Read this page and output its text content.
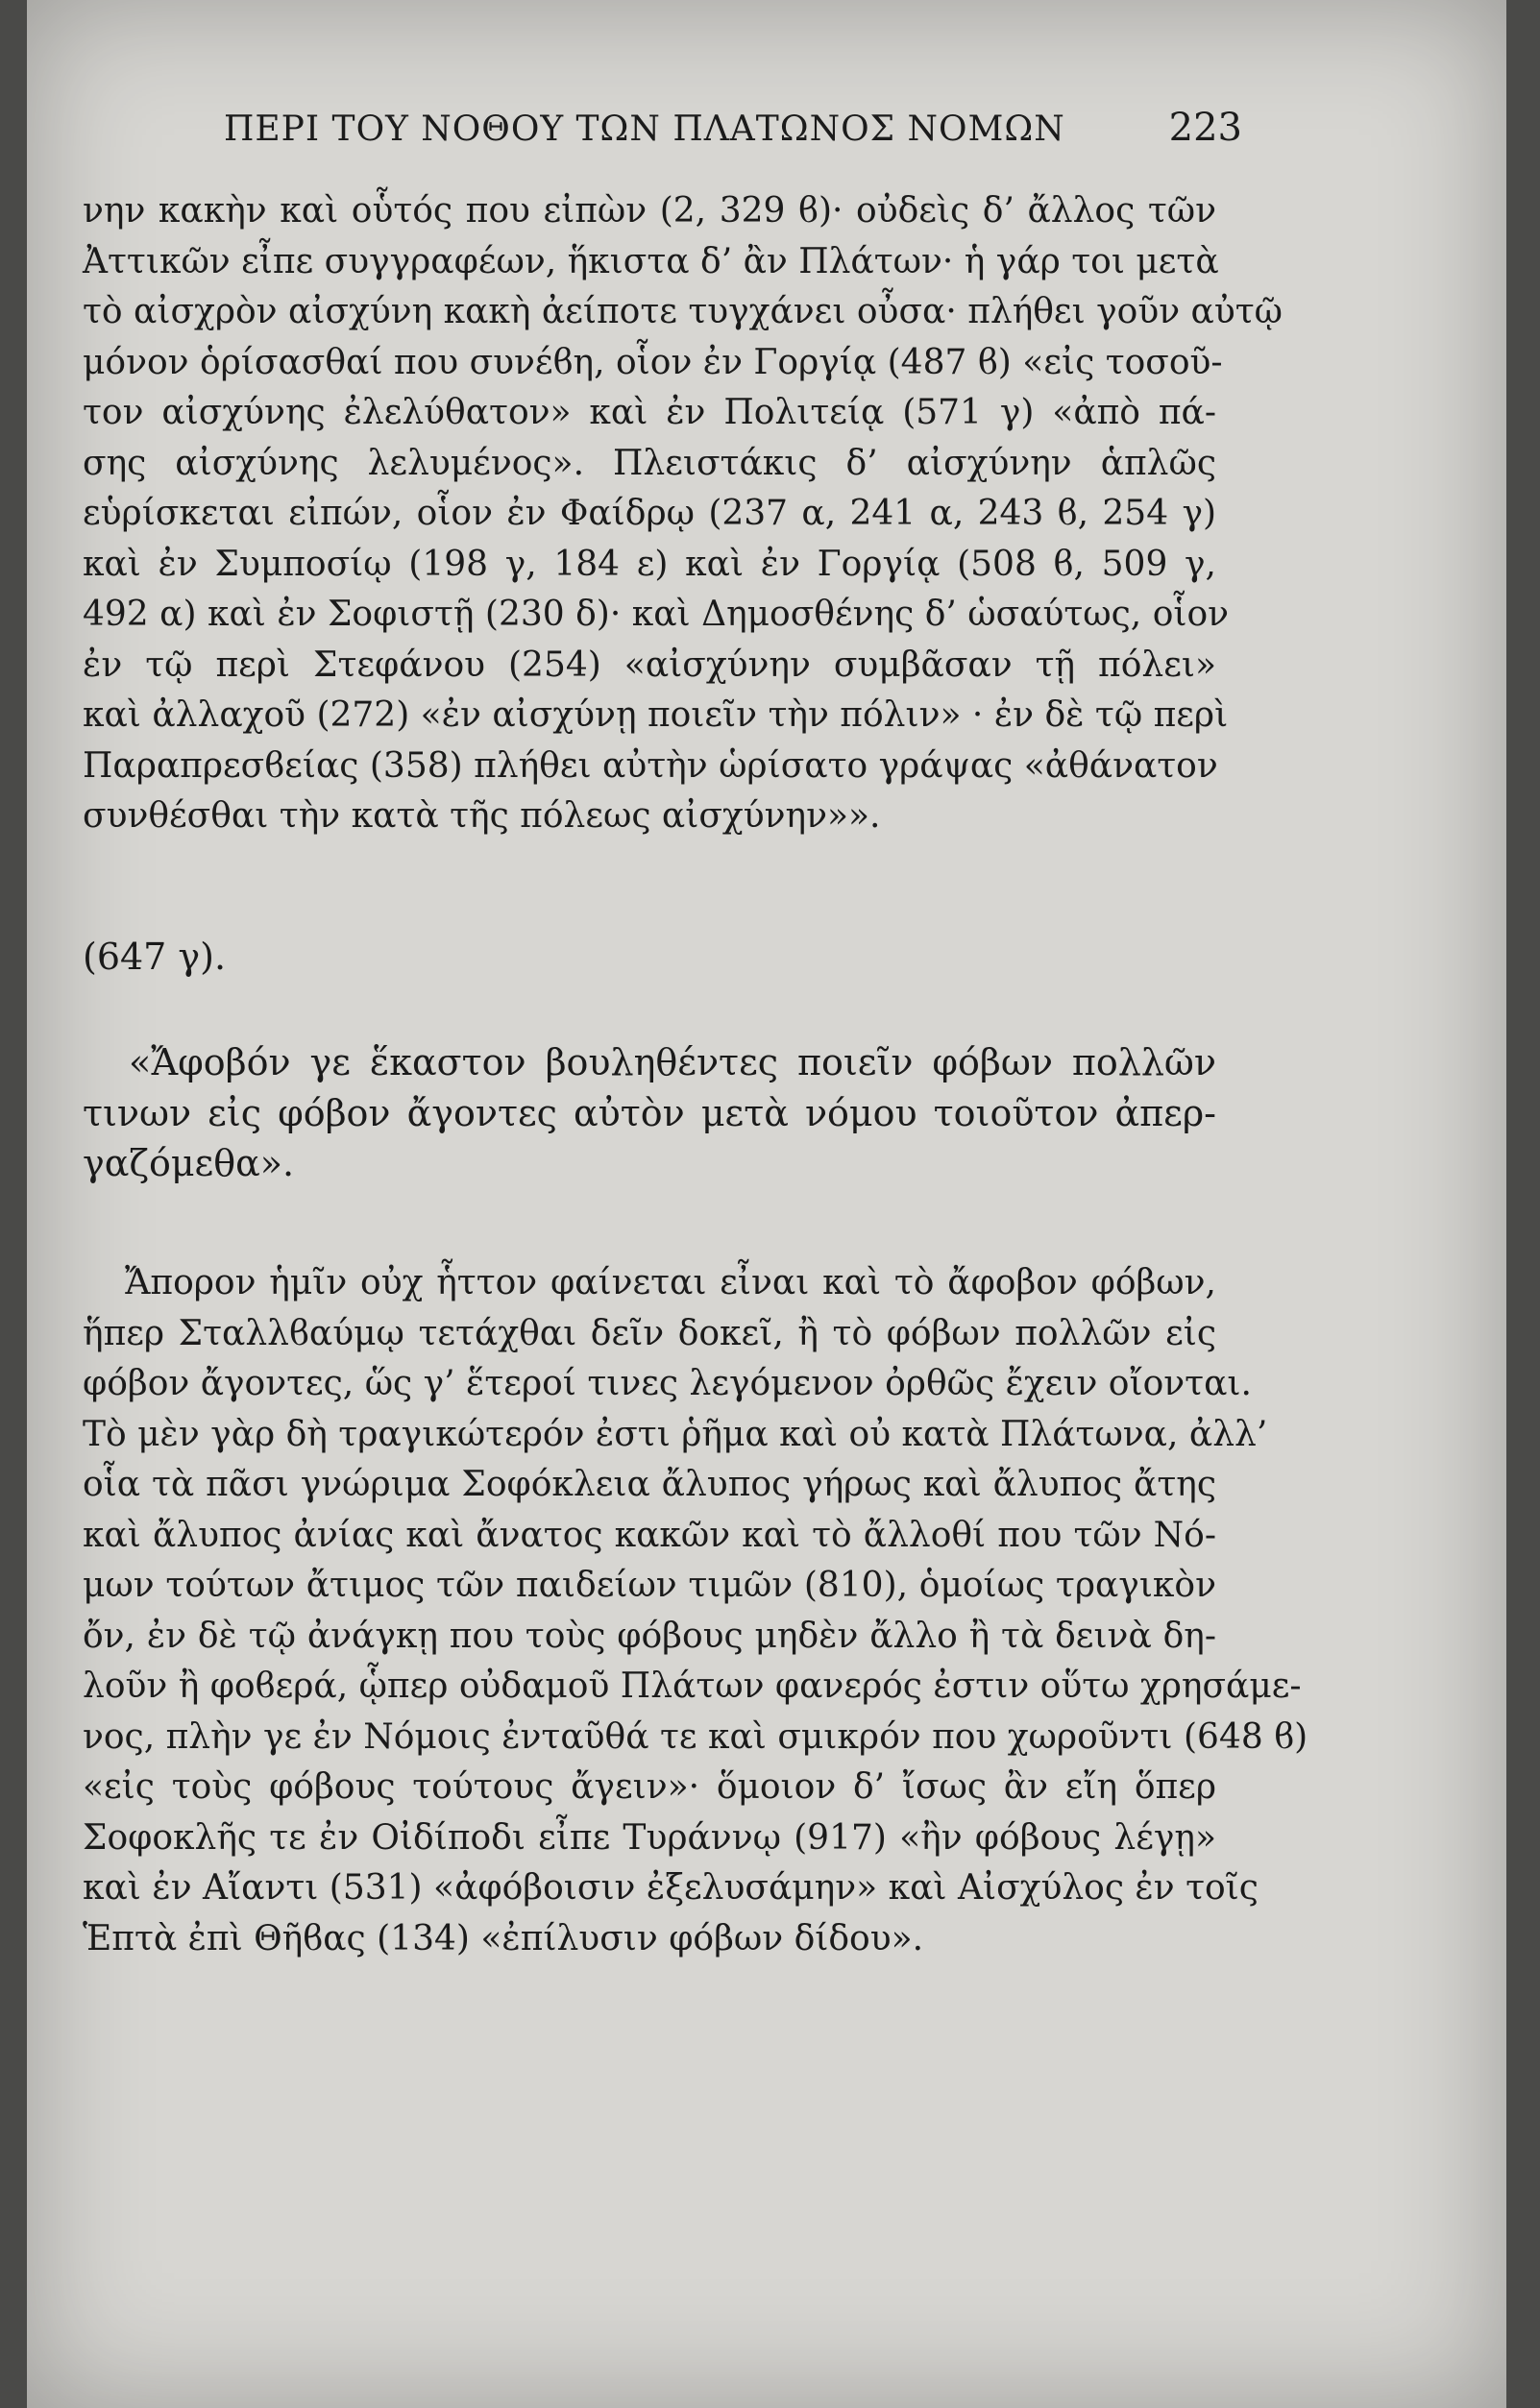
ΠΕΡΙ ΤΟΥ ΝΟΘΟΥ ΤΩΝ ΠΛΑΤΩΝΟΣ ΝΟΜΩΝ	223

νην κακὴν καὶ οὗτός που εἰπὼν (2, 329 ϐ)· οὐδεὶς δ’ ἄλλος τῶν
Ἀττικῶν εἶπε συγγραφέων, ἥκιστα δ’ ἂν Πλάτων· ἡ γάρ τοι μετὰ
τὸ αἰσχρὸν αἰσχύνη κακὴ ἀείποτε τυγχάνει οὖσα· πλήθει γοῦν αὐτῷ
μόνον ὁρίσασθαί που συνέϐη, οἷον ἐν Γοργίᾳ (487 ϐ) «εἰς τοσοῦ-
τον αἰσχύνης ἐλελύθατον» καὶ ἐν Πολιτείᾳ (571 γ) «ἀπὸ πά-
σης αἰσχύνης λελυμένος». Πλειστάκις δ’ αἰσχύνην ἁπλῶς
εὑρίσκεται εἰπών, οἷον ἐν Φαίδρῳ (237 α, 241 α, 243 ϐ, 254 γ)
καὶ ἐν Συμποσίῳ (198 γ, 184 ε) καὶ ἐν Γοργίᾳ (508 ϐ, 509 γ,
492 α) καὶ ἐν Σοφιστῇ (230 δ)· καὶ Δημοσθένης δ’ ὡσαύτως, οἷον
ἐν τῷ περὶ Στεφάνου (254) «αἰσχύνην συμβᾶσαν τῇ πόλει»
καὶ ἀλλαχοῦ (272) «ἐν αἰσχύνῃ ποιεῖν τὴν πόλιν» · ἐν δὲ τῷ περὶ
Παραπρεσϐείας (358) πλήθει αὐτὴν ὡρίσατο γράψας «ἀθάνατον
συνθέσθαι τὴν κατὰ τῆς πόλεως αἰσχύνην»».

(647 γ).

«Ἄφοβόν γε ἕκαστον βουληθέντες ποιεῖν φόβων πολλῶν
τινων εἰς φόβον ἄγοντες αὐτὸν μετὰ νόμου τοιοῦτον ἀπερ-
γαζόμεθα».

Ἄπορον ἡμῖν οὐχ ἧττον φαίνεται εἶναι καὶ τὸ ἄφοβον φόβων,
ἥπερ Σταλλϐαύμῳ τετάχθαι δεῖν δοκεῖ, ἢ τὸ φόβων πολλῶν εἰς
φόβον ἄγοντες, ὥς γ’ ἕτεροί τινες λεγόμενον ὀρθῶς ἔχειν οἴονται.
Τὸ μὲν γὰρ δὴ τραγικώτερόν ἐστι ῥῆμα καὶ οὐ κατὰ Πλάτωνα, ἀλλ’
οἷα τὰ πᾶσι γνώριμα Σοφόκλεια ἄλυπος γήρως καὶ ἄλυπος ἄτης
καὶ ἄλυπος ἀνίας καὶ ἄνατος κακῶν καὶ τὸ ἄλλοθί που τῶν Νό-
μων τούτων ἄτιμος τῶν παιδείων τιμῶν (810), ὁμοίως τραγικὸν
ὄν, ἐν δὲ τῷ ἀνάγκῃ που τοὺς φόβους μηδὲν ἄλλο ἢ τὰ δεινὰ δη-
λοῦν ἢ φοϐερά, ᾧπερ οὐδαμοῦ Πλάτων φανερός ἐστιν οὕτω χρησάμε-
νος, πλὴν γε ἐν Νόμοις ἐνταῦθά τε καὶ σμικρόν που χωροῦντι (648 ϐ)
«εἰς τοὺς φόβους τούτους ἄγειν»· ὅμοιον δ’ ἴσως ἂν εἴη ὅπερ
Σοφοκλῆς τε ἐν Οἰδίποδι εἶπε Τυράννῳ (917) «ἢν φόβους λέγῃ»
καὶ ἐν Αἴαντι (531) «ἀφόβοισιν ἐξελυσάμην» καὶ Αἰσχύλος ἐν τοῖς
Ἑπτὰ ἐπὶ Θῆϐας (134) «ἐπίλυσιν φόβων δίδου».
